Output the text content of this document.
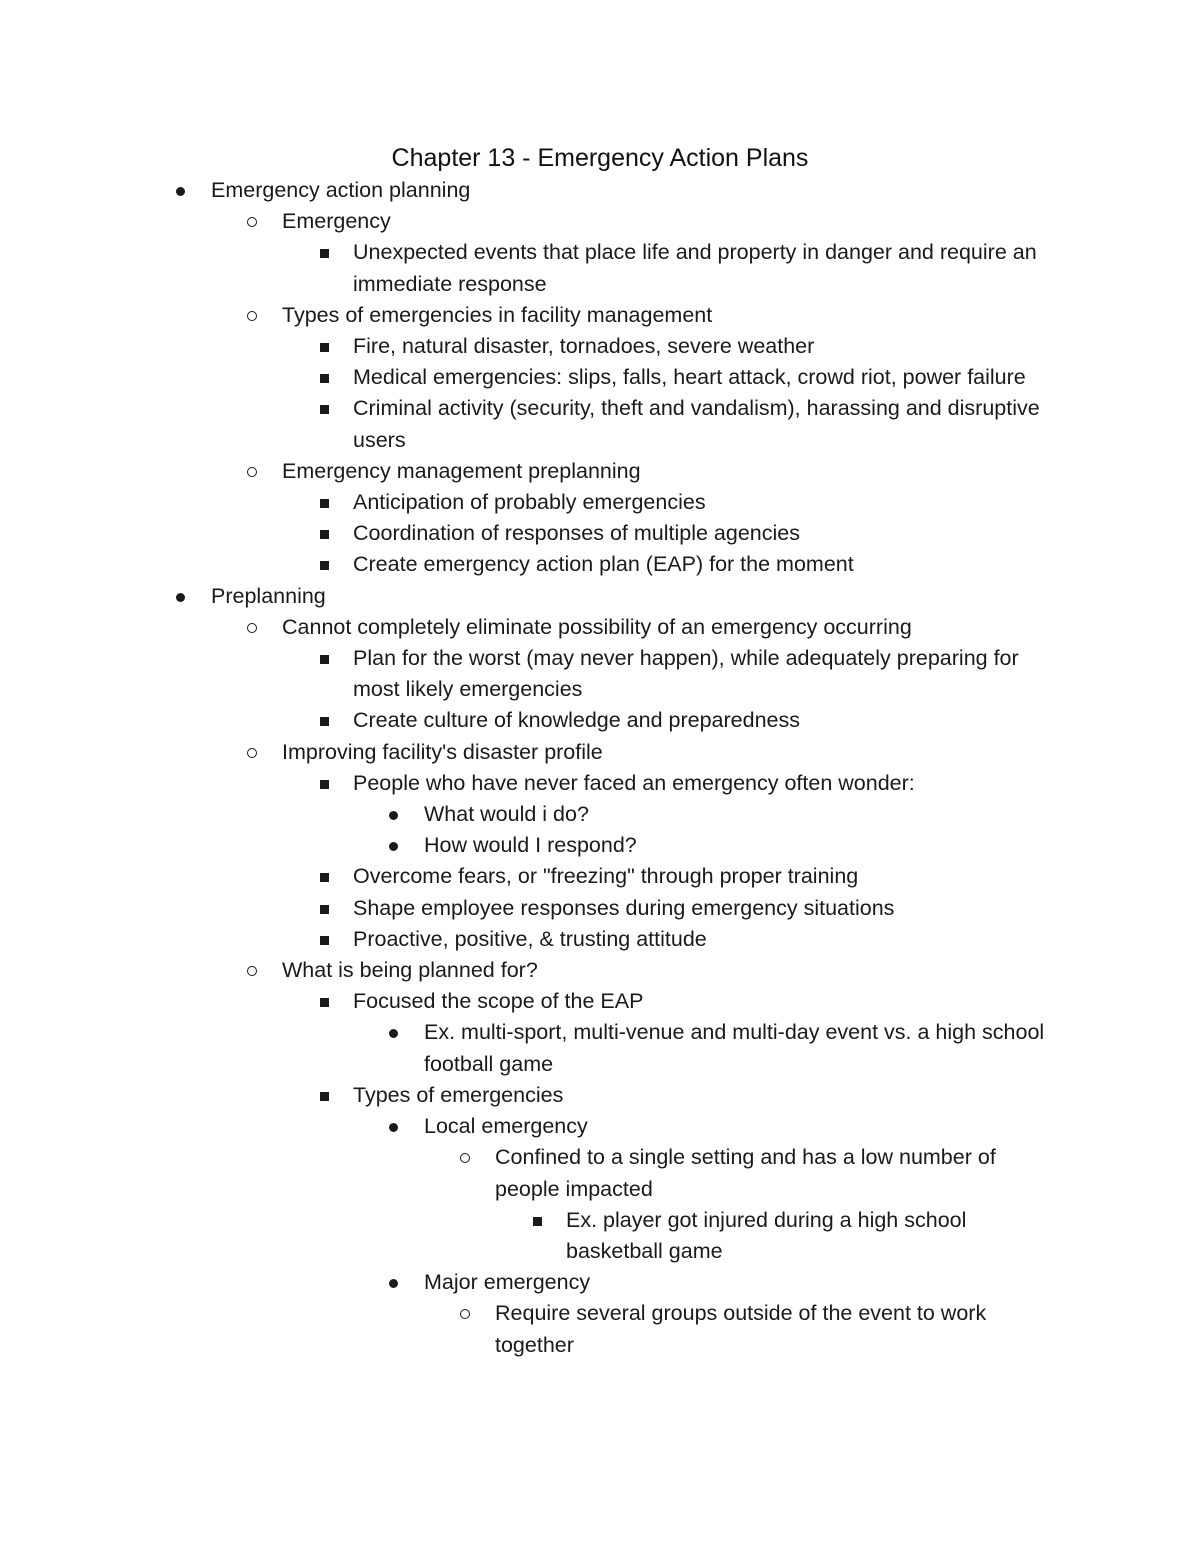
Chapter 13 - Emergency Action Plans
Emergency action planning
Emergency
Unexpected events that place life and property in danger and require an immediate response
Types of emergencies in facility management
Fire, natural disaster, tornadoes, severe weather
Medical emergencies: slips, falls, heart attack, crowd riot, power failure
Criminal activity (security, theft and vandalism), harassing and disruptive users
Emergency management preplanning
Anticipation of probably emergencies
Coordination of responses of multiple agencies
Create emergency action plan (EAP) for the moment
Preplanning
Cannot completely eliminate possibility of an emergency occurring
Plan for the worst (may never happen), while adequately preparing for most likely emergencies
Create culture of knowledge and preparedness
Improving facility's disaster profile
People who have never faced an emergency often wonder:
What would i do?
How would I respond?
Overcome fears, or "freezing" through proper training
Shape employee responses during emergency situations
Proactive, positive, & trusting attitude
What is being planned for?
Focused the scope of the EAP
Ex. multi-sport, multi-venue and multi-day event vs. a high school football game
Types of emergencies
Local emergency
Confined to a single setting and has a low number of people impacted
Ex. player got injured during a high school basketball game
Major emergency
Require several groups outside of the event to work together
